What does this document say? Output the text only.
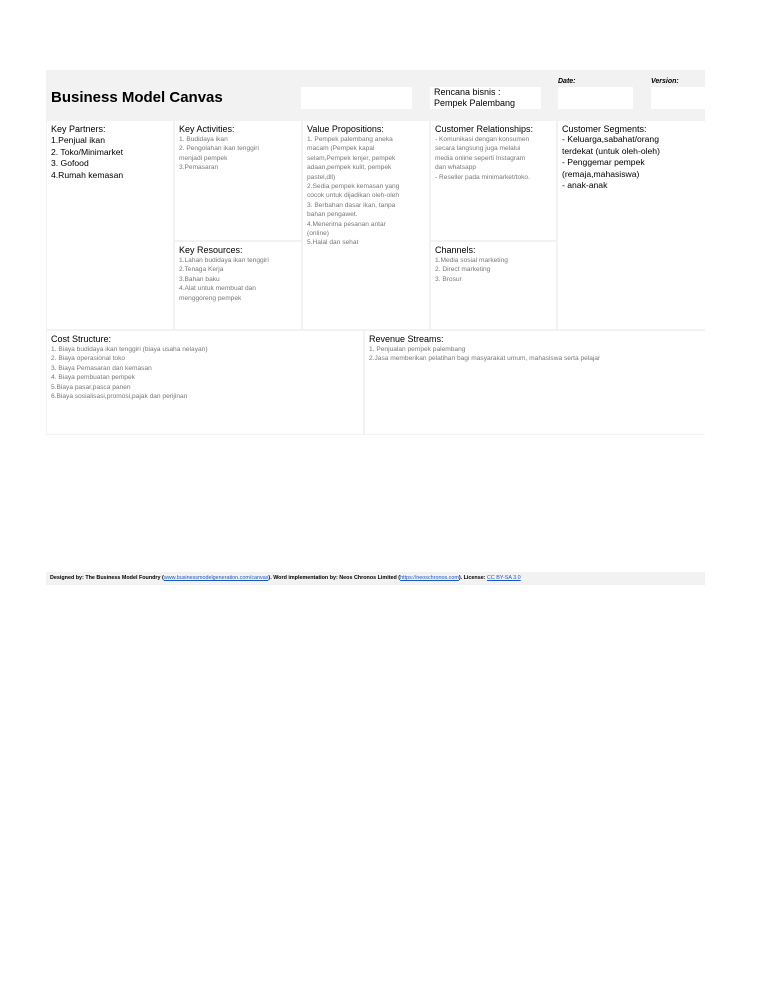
Date:	Version:
Business Model Canvas	Rencana bisnis :
Pempek Palembang
Key Partners:
1.Penjual ikan
2. Toko/Minimarket
3. Gofood
4.Rumah kemasan
Key Activities:
1. Budidaya ikan
2. Pengolahan ikan tenggiri
menjadi pempek
3.Pemasaran
Key Resources:
1.Lahan budidaya ikan tenggiri
2.Tenaga Kerja
3.Bahan baku
4.Alat untuk membuat dan
menggoreng pempek
Value Propositions:
1. Pempek palembang aneka
macam (Pempek kapal
selam,Pempek lenjer, pempek
adaan,pempek kulit, pempek
pastel,dll)
2.Sedia pempek kemasan yang
cocok untuk dijadikan oleh-oleh
3. Berbahan dasar ikan, tanpa
bahan pengawet.
4.Menerima pesanan antar
(online)
5.Halal dan sehat
Customer Relationships:
- Komunikasi dengan konsumen
secara langsung juga melalui
media online seperti Instagram
dan whatsapp
- Reseller pada minimarket/toko.
Channels:
1.Media sosial marketing
2. Direct marketing
3. Brosur
Customer Segments:
- Keluarga,sabahat/orang
terdekat (untuk oleh-oleh)
- Penggemar pempek
(remaja,mahasiswa)
- anak-anak
Cost Structure:
1. Biaya budidaya ikan tenggiri (biaya usaha nelayan)
2. Biaya operasional toko
3. Biaya Pemasaran dan kemasan
4. Biaya pembuatan pempek
5.Biaya pasar,pasca panen
6.Biaya sosialisasi,promosi,pajak dan perijinan
Revenue Streams:
1. Penjualan pempek palembang
2.Jasa memberikan pelatihan bagi masyarakat umum, mahasiswa serta pelajar
Designed by: The Business Model Foundry (www.businessmodelgeneration.com/canvas). Word implementation by: Neos Chronos Limited (https://neoschronos.com). License: CC BY-SA 3.0
